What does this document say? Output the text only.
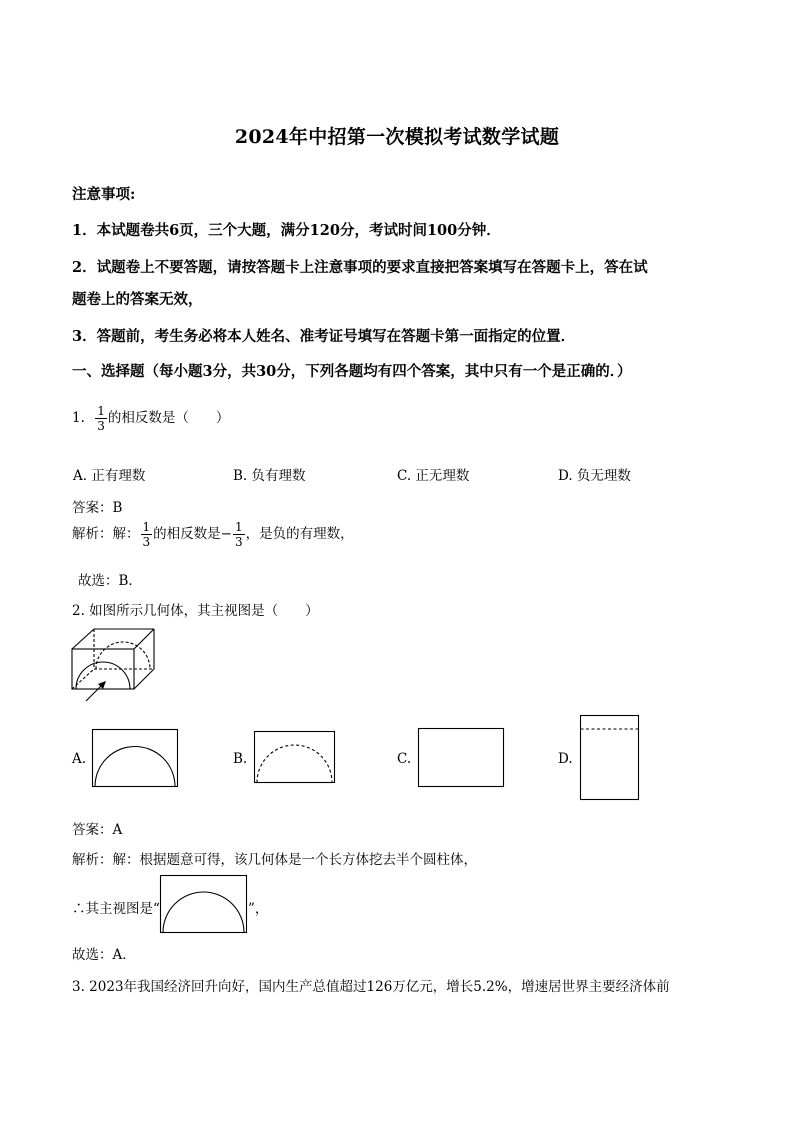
2024年中招第一次模拟考试数学试题
注意事项:
1．本试题卷共6页，三个大题，满分120分，考试时间100分钟．
2．试题卷上不要答题，请按答题卡上注意事项的要求直接把答案填写在答题卡上，答在试
题卷上的答案无效，
3．答题前，考生务必将本人姓名、准考证号填写在答题卡第一面指定的位置．
一、选择题（每小题3分，共30分，下列各题均有四个答案，其中只有一个是正确的．）
1. $\frac{1}{3}$ 的相反数是（　　）
A. 正有理数	B. 负有理数	C. 正无理数	D. 负无理数
答案：B
解析：解： $\frac{1}{3}$ 的相反数是− $\frac{1}{3}$ ，是负的有理数，
故选：B．
2. 如图所示几何体，其主视图是（　　）
A.	B.	C.	D.
答案：A
解析：解：根据题意可得，该几何体是一个长方体挖去半个圆柱体，
∴其主视图是“	”，
故选：A．
3. 2023年我国经济回升向好，国内生产总值超过126万亿元，增长5.2%，增速居世界主要经济体前
